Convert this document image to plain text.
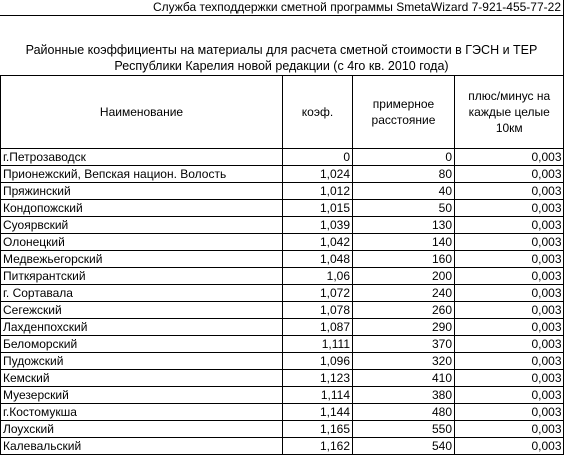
Служба техподдержки сметной программы SmetaWizard 7-921-455-77-22
Районные коэффициенты на материалы для расчета сметной стоимости в ГЭСН и ТЕР
Республики Карелия новой редакции (с 4го кв. 2010 года)
Наименование	коэф.	примерное расстояние	плюс/минус на каждые целые 10км
г.Петрозаводск	0	0	0,003
Прионежский, Вепская национ. Волость	1,024	80	0,003
Пряжинский	1,012	40	0,003
Кондопожский	1,015	50	0,003
Суоярвский	1,039	130	0,003
Олонецкий	1,042	140	0,003
Медвежьегорский	1,048	160	0,003
Питкярантский	1,06	200	0,003
г. Сортавала	1,072	240	0,003
Сегежский	1,078	260	0,003
Лахденпохский	1,087	290	0,003
Беломорский	1,111	370	0,003
Пудожский	1,096	320	0,003
Кемский	1,123	410	0,003
Муезерский	1,114	380	0,003
г.Костомукша	1,144	480	0,003
Лоухский	1,165	550	0,003
Калевальский	1,162	540	0,003
